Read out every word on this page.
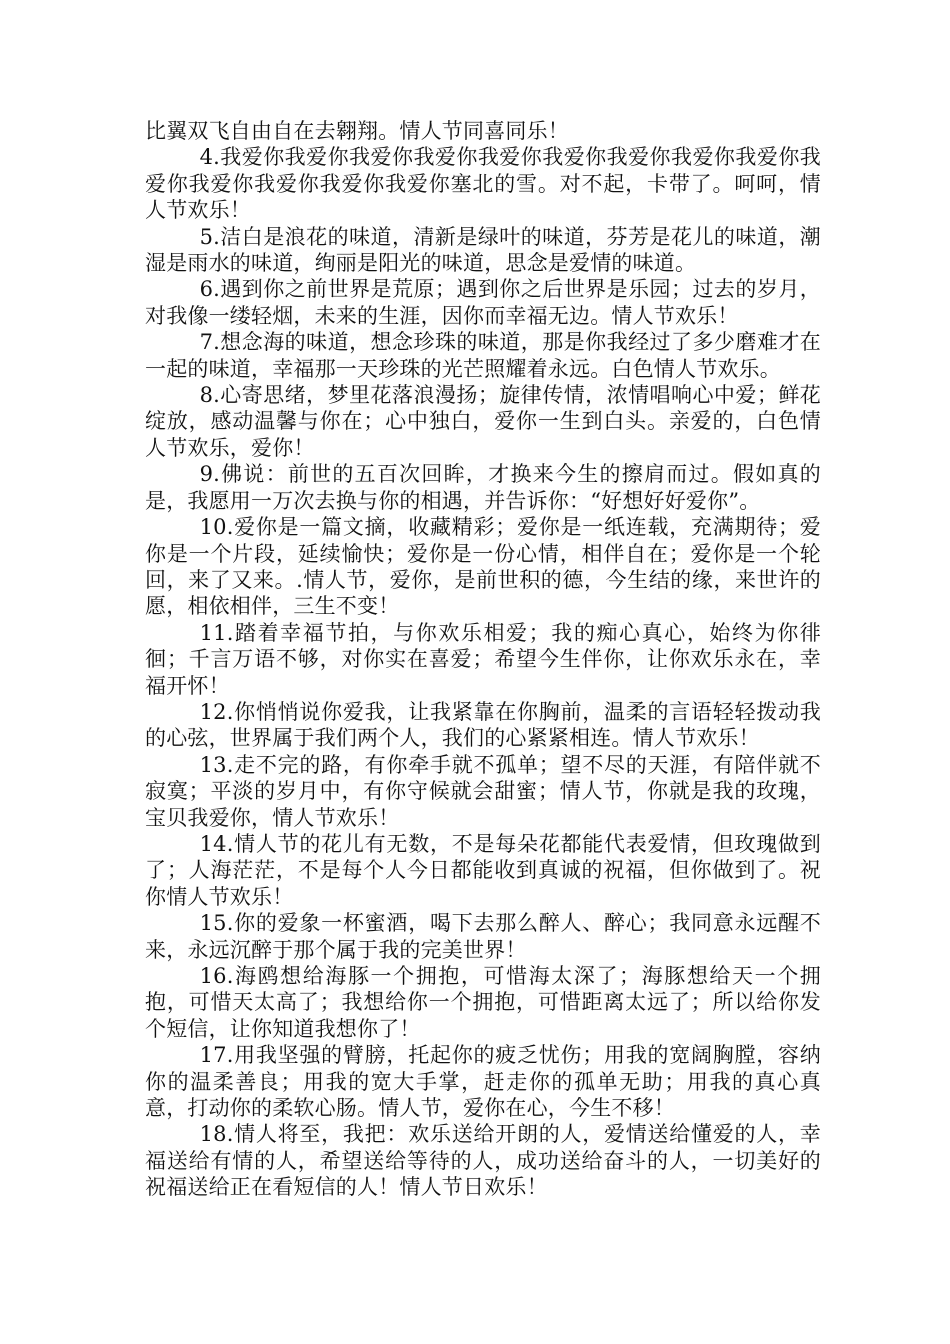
比翼双飞自由自在去翱翔。情人节同喜同乐！

4.我爱你我爱你我爱你我爱你我爱你我爱你我爱你我爱你我爱你我爱你我爱你我爱你我爱你我爱你塞北的雪。对不起，卡带了。呵呵，情人节欢乐！

5.洁白是浪花的味道，清新是绿叶的味道，芬芳是花儿的味道，潮湿是雨水的味道，绚丽是阳光的味道，思念是爱情的味道。

6.遇到你之前世界是荒原；遇到你之后世界是乐园；过去的岁月，对我像一缕轻烟，未来的生涯，因你而幸福无边。情人节欢乐！

7.想念海的味道，想念珍珠的味道，那是你我经过了多少磨难才在一起的味道，幸福那一天珍珠的光芒照耀着永远。白色情人节欢乐。

8.心寄思绪，梦里花落浪漫扬；旋律传情，浓情唱响心中爱；鲜花绽放，感动温馨与你在；心中独白，爱你一生到白头。亲爱的，白色情人节欢乐，爱你！

9.佛说：前世的五百次回眸，才换来今生的擦肩而过。假如真的是，我愿用一万次去换与你的相遇，并告诉你：“好想好好爱你”。

10.爱你是一篇文摘，收藏精彩；爱你是一纸连载，充满期待；爱你是一个片段，延续愉快；爱你是一份心情，相伴自在；爱你是一个轮回，来了又来。.情人节，爱你，是前世积的德，今生结的缘，来世许的愿，相依相伴，三生不变！

11.踏着幸福节拍，与你欢乐相爱；我的痴心真心，始终为你徘徊；千言万语不够，对你实在喜爱；希望今生伴你，让你欢乐永在，幸福开怀！

12.你悄悄说你爱我，让我紧靠在你胸前，温柔的言语轻轻拨动我的心弦，世界属于我们两个人，我们的心紧紧相连。情人节欢乐！

13.走不完的路，有你牵手就不孤单；望不尽的天涯，有陪伴就不寂寞；平淡的岁月中，有你守候就会甜蜜；情人节，你就是我的玫瑰，宝贝我爱你，情人节欢乐！

14.情人节的花儿有无数，不是每朵花都能代表爱情，但玫瑰做到了；人海茫茫，不是每个人今日都能收到真诚的祝福，但你做到了。祝你情人节欢乐！

15.你的爱象一杯蜜酒，喝下去那么醉人、醉心；我同意永远醒不来，永远沉醉于那个属于我的完美世界！

16.海鸥想给海豚一个拥抱，可惜海太深了；海豚想给天一个拥抱，可惜天太高了；我想给你一个拥抱，可惜距离太远了；所以给你发个短信，让你知道我想你了！

17.用我坚强的臂膀，托起你的疲乏忧伤；用我的宽阔胸膛，容纳你的温柔善良；用我的宽大手掌，赶走你的孤单无助；用我的真心真意，打动你的柔软心肠。情人节，爱你在心，今生不移！

18.情人将至，我把：欢乐送给开朗的人，爱情送给懂爱的人，幸福送给有情的人，希望送给等待的人，成功送给奋斗的人，一切美好的祝福送给正在看短信的人！情人节日欢乐！
